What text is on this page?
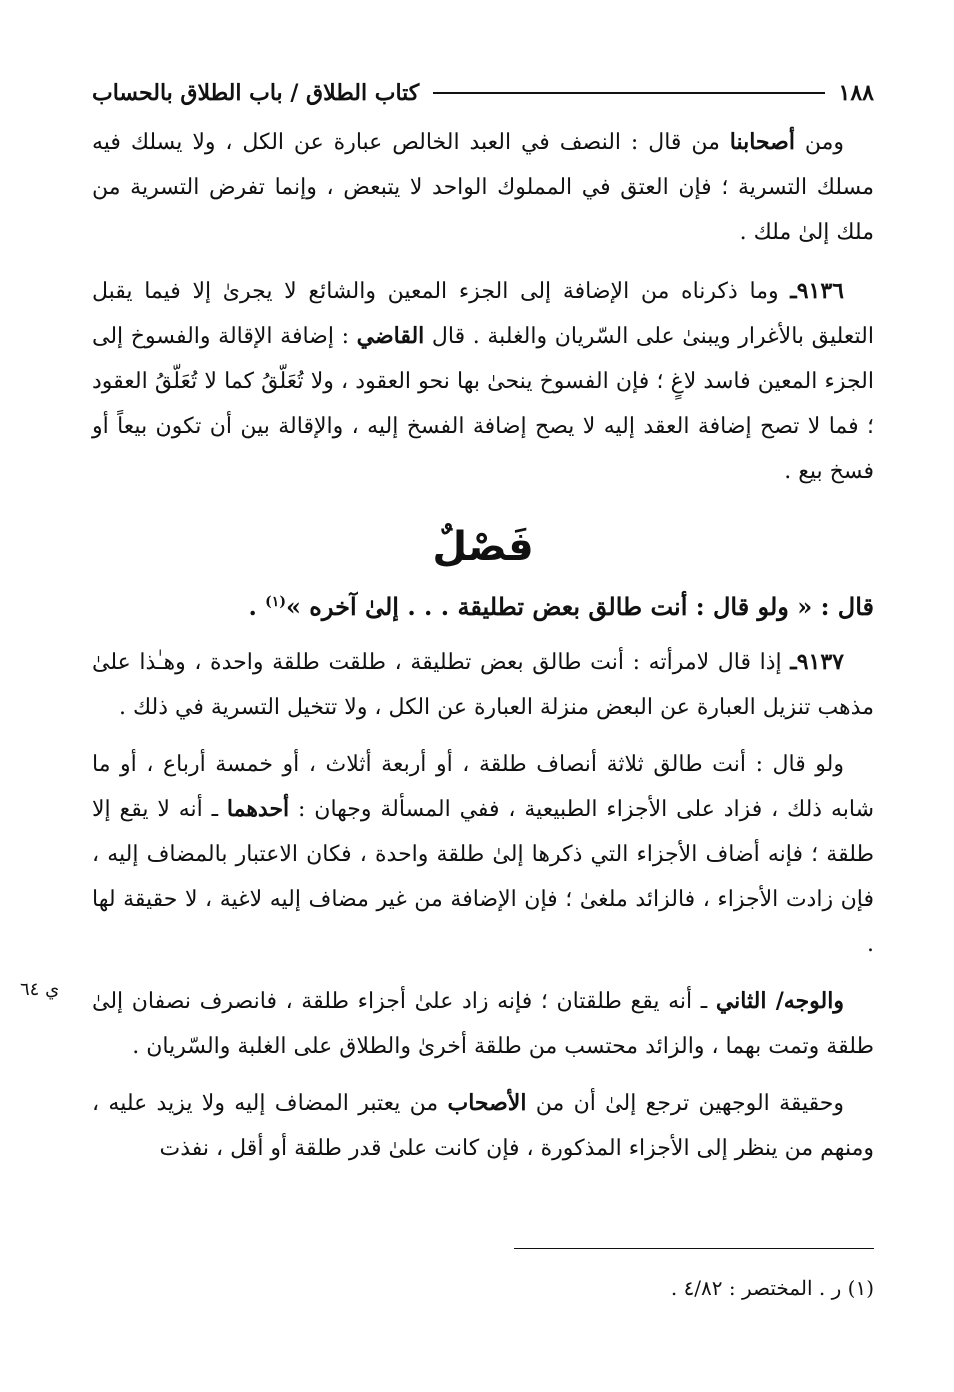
١٨٨
كتاب الطلاق / باب الطلاق بالحساب

ومن أصحابنا من قال : النصف في العبد الخالص عبارة عن الكل ، ولا يسلك فيه مسلك التسرية ؛ فإن العتق في المملوك الواحد لا يتبعض ، وإنما تفرض التسرية من ملك إلىٰ ملك .

٩١٣٦ـ وما ذكرناه من الإضافة إلى الجزء المعين والشائع لا يجرىٰ إلا فيما يقبل التعليق بالأغرار ويبنىٰ على السّريان والغلبة . قال القاضي : إضافة الإقالة والفسوخ إلى الجزء المعين فاسد لاغٍ ؛ فإن الفسوخ ينحىٰ بها نحو العقود ، ولا تُعَلّقُ كما لا تُعَلّقُ العقود ؛ فما لا تصح إضافة العقد إليه لا يصح إضافة الفسخ إليه ، والإقالة بين أن تكون بيعاً أو فسخ بيع .

فَصْلٌ

قال : « ولو قال : أنت طالق بعض تطليقة . . . إلىٰ آخره »$^{(١)}$ .

٩١٣٧ـ إذا قال لامرأته : أنت طالق بعض تطليقة ، طلقت طلقة واحدة ، وهـٰذا علىٰ مذهب تنزيل العبارة عن البعض منزلة العبارة عن الكل ، ولا تتخيل التسرية في ذلك .

ولو قال : أنت طالق ثلاثة أنصاف طلقة ، أو أربعة أثلاث ، أو خمسة أرباع ، أو ما شابه ذلك ، فزاد على الأجزاء الطبيعية ، ففي المسألة وجهان : أحدهما ـ أنه لا يقع إلا طلقة ؛ فإنه أضاف الأجزاء التي ذكرها إلىٰ طلقة واحدة ، فكان الاعتبار بالمضاف إليه ، فإن زادت الأجزاء ، فالزائد ملغىٰ ؛ فإن الإضافة من غير مضاف إليه لاغية ، لا حقيقة لها .

ي ٦٤	والوجه/ الثاني ـ أنه يقع طلقتان ؛ فإنه زاد علىٰ أجزاء طلقة ، فانصرف نصفان إلىٰ طلقة وتمت بهما ، والزائد محتسب من طلقة أخرىٰ والطلاق على الغلبة والسّريان .

وحقيقة الوجهين ترجع إلىٰ أن من الأصحاب من يعتبر المضاف إليه ولا يزيد عليه ، ومنهم من ينظر إلى الأجزاء المذكورة ، فإن كانت علىٰ قدر طلقة أو أقل ، نفذت

(١) ر . المختصر : ٤/٨٢ .
